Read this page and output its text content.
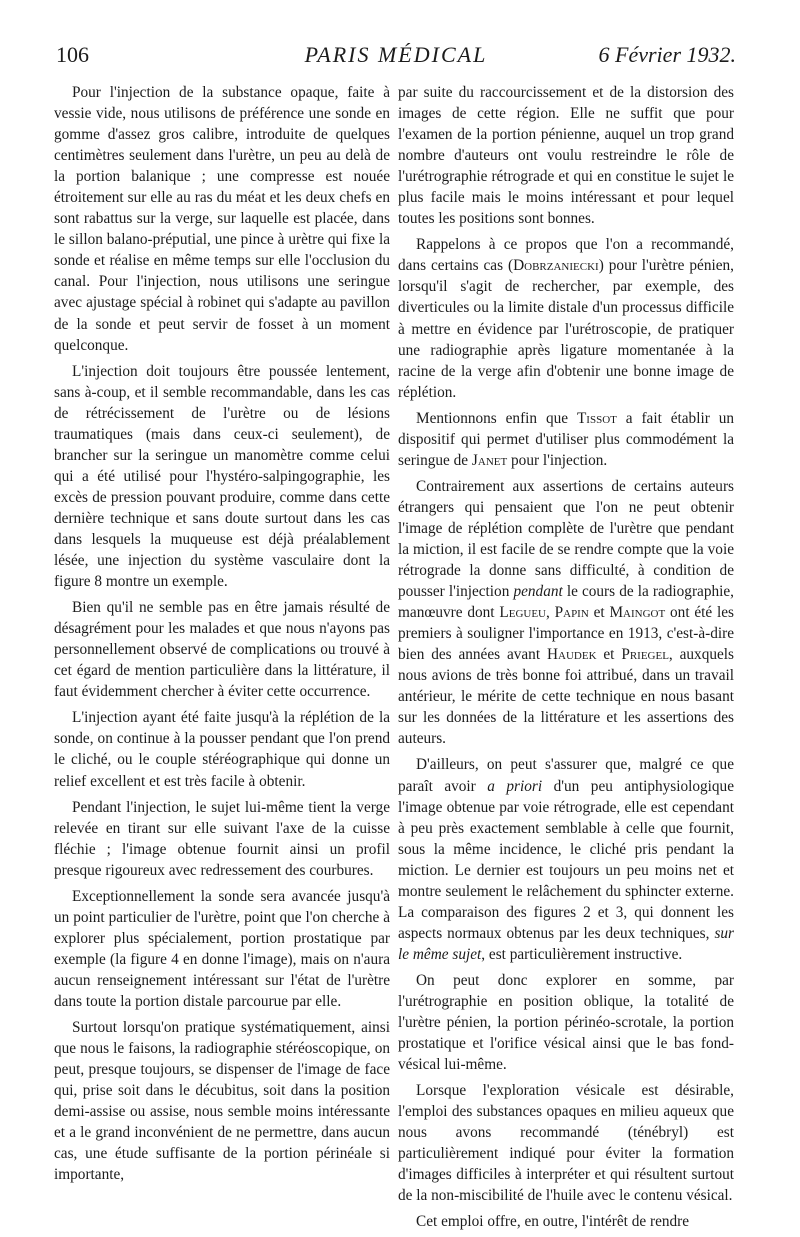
106	PARIS MÉDICAL	6 Février 1932.

Pour l'injection de la substance opaque, faite à vessie vide, nous utilisons de préférence une sonde en gomme d'assez gros calibre, introduite de quelques centimètres seulement dans l'urètre, un peu au delà de la portion balanique ; une compresse est nouée étroitement sur elle au ras du méat et les deux chefs en sont rabattus sur la verge, sur laquelle est placée, dans le sillon balano-préputial, une pince à urètre qui fixe la sonde et réalise en même temps sur elle l'occlusion du canal. Pour l'injection, nous utilisons une seringue avec ajustage spécial à robinet qui s'adapte au pavillon de la sonde et peut servir de fosset à un moment quelconque.

L'injection doit toujours être poussée lentement, sans à-coup, et il semble recommandable, dans les cas de rétrécissement de l'urètre ou de lésions traumatiques (mais dans ceux-ci seulement), de brancher sur la seringue un manomètre comme celui qui a été utilisé pour l'hystéro-salpingographie, les excès de pression pouvant produire, comme dans cette dernière technique et sans doute surtout dans les cas dans lesquels la muqueuse est déjà préalablement lésée, une injection du système vasculaire dont la figure 8 montre un exemple.

Bien qu'il ne semble pas en être jamais résulté de désagrément pour les malades et que nous n'ayons pas personnellement observé de complications ou trouvé à cet égard de mention particulière dans la littérature, il faut évidemment chercher à éviter cette occurrence.

L'injection ayant été faite jusqu'à la réplétion de la sonde, on continue à la pousser pendant que l'on prend le cliché, ou le couple stéréographique qui donne un relief excellent et est très facile à obtenir.

Pendant l'injection, le sujet lui-même tient la verge relevée en tirant sur elle suivant l'axe de la cuisse fléchie ; l'image obtenue fournit ainsi un profil presque rigoureux avec redressement des courbures.

Exceptionnellement la sonde sera avancée jusqu'à un point particulier de l'urètre, point que l'on cherche à explorer plus spécialement, portion prostatique par exemple (la figure 4 en donne l'image), mais on n'aura aucun renseignement intéressant sur l'état de l'urètre dans toute la portion distale parcourue par elle.

Surtout lorsqu'on pratique systématiquement, ainsi que nous le faisons, la radiographie stéréoscopique, on peut, presque toujours, se dispenser de l'image de face qui, prise soit dans le décubitus, soit dans la position demi-assise ou assise, nous semble moins intéressante et a le grand inconvénient de ne permettre, dans aucun cas, une étude suffisante de la portion périnéale si importante,

par suite du raccourcissement et de la distorsion des images de cette région. Elle ne suffit que pour l'examen de la portion pénienne, auquel un trop grand nombre d'auteurs ont voulu restreindre le rôle de l'urétrographie rétrograde et qui en constitue le sujet le plus facile mais le moins intéressant et pour lequel toutes les positions sont bonnes.

Rappelons à ce propos que l'on a recommandé, dans certains cas (Dobrzaniecki) pour l'urètre pénien, lorsqu'il s'agit de rechercher, par exemple, des diverticules ou la limite distale d'un processus difficile à mettre en évidence par l'urétroscopie, de pratiquer une radiographie après ligature momentanée à la racine de la verge afin d'obtenir une bonne image de réplétion.

Mentionnons enfin que Tissot a fait établir un dispositif qui permet d'utiliser plus commodément la seringue de Janet pour l'injection.

Contrairement aux assertions de certains auteurs étrangers qui pensaient que l'on ne peut obtenir l'image de réplétion complète de l'urètre que pendant la miction, il est facile de se rendre compte que la voie rétrograde la donne sans difficulté, à condition de pousser l'injection pendant le cours de la radiographie, manœuvre dont Legueu, Papin et Maingot ont été les premiers à souligner l'importance en 1913, c'est-à-dire bien des années avant Haudek et Priegel, auxquels nous avions de très bonne foi attribué, dans un travail antérieur, le mérite de cette technique en nous basant sur les données de la littérature et les assertions des auteurs.

D'ailleurs, on peut s'assurer que, malgré ce que paraît avoir a priori d'un peu antiphysiologique l'image obtenue par voie rétrograde, elle est cependant à peu près exactement semblable à celle que fournit, sous la même incidence, le cliché pris pendant la miction. Le dernier est toujours un peu moins net et montre seulement le relâchement du sphincter externe. La comparaison des figures 2 et 3, qui donnent les aspects normaux obtenus par les deux techniques, sur le même sujet, est particulièrement instructive.

On peut donc explorer en somme, par l'urétrographie en position oblique, la totalité de l'urètre pénien, la portion périnéo-scrotale, la portion prostatique et l'orifice vésical ainsi que le bas fond-vésical lui-même.

Lorsque l'exploration vésicale est désirable, l'emploi des substances opaques en milieu aqueux que nous avons recommandé (ténébryl) est particulièrement indiqué pour éviter la formation d'images difficiles à interpréter et qui résultent surtout de la non-miscibilité de l'huile avec le contenu vésical.

Cet emploi offre, en outre, l'intérêt de rendre
